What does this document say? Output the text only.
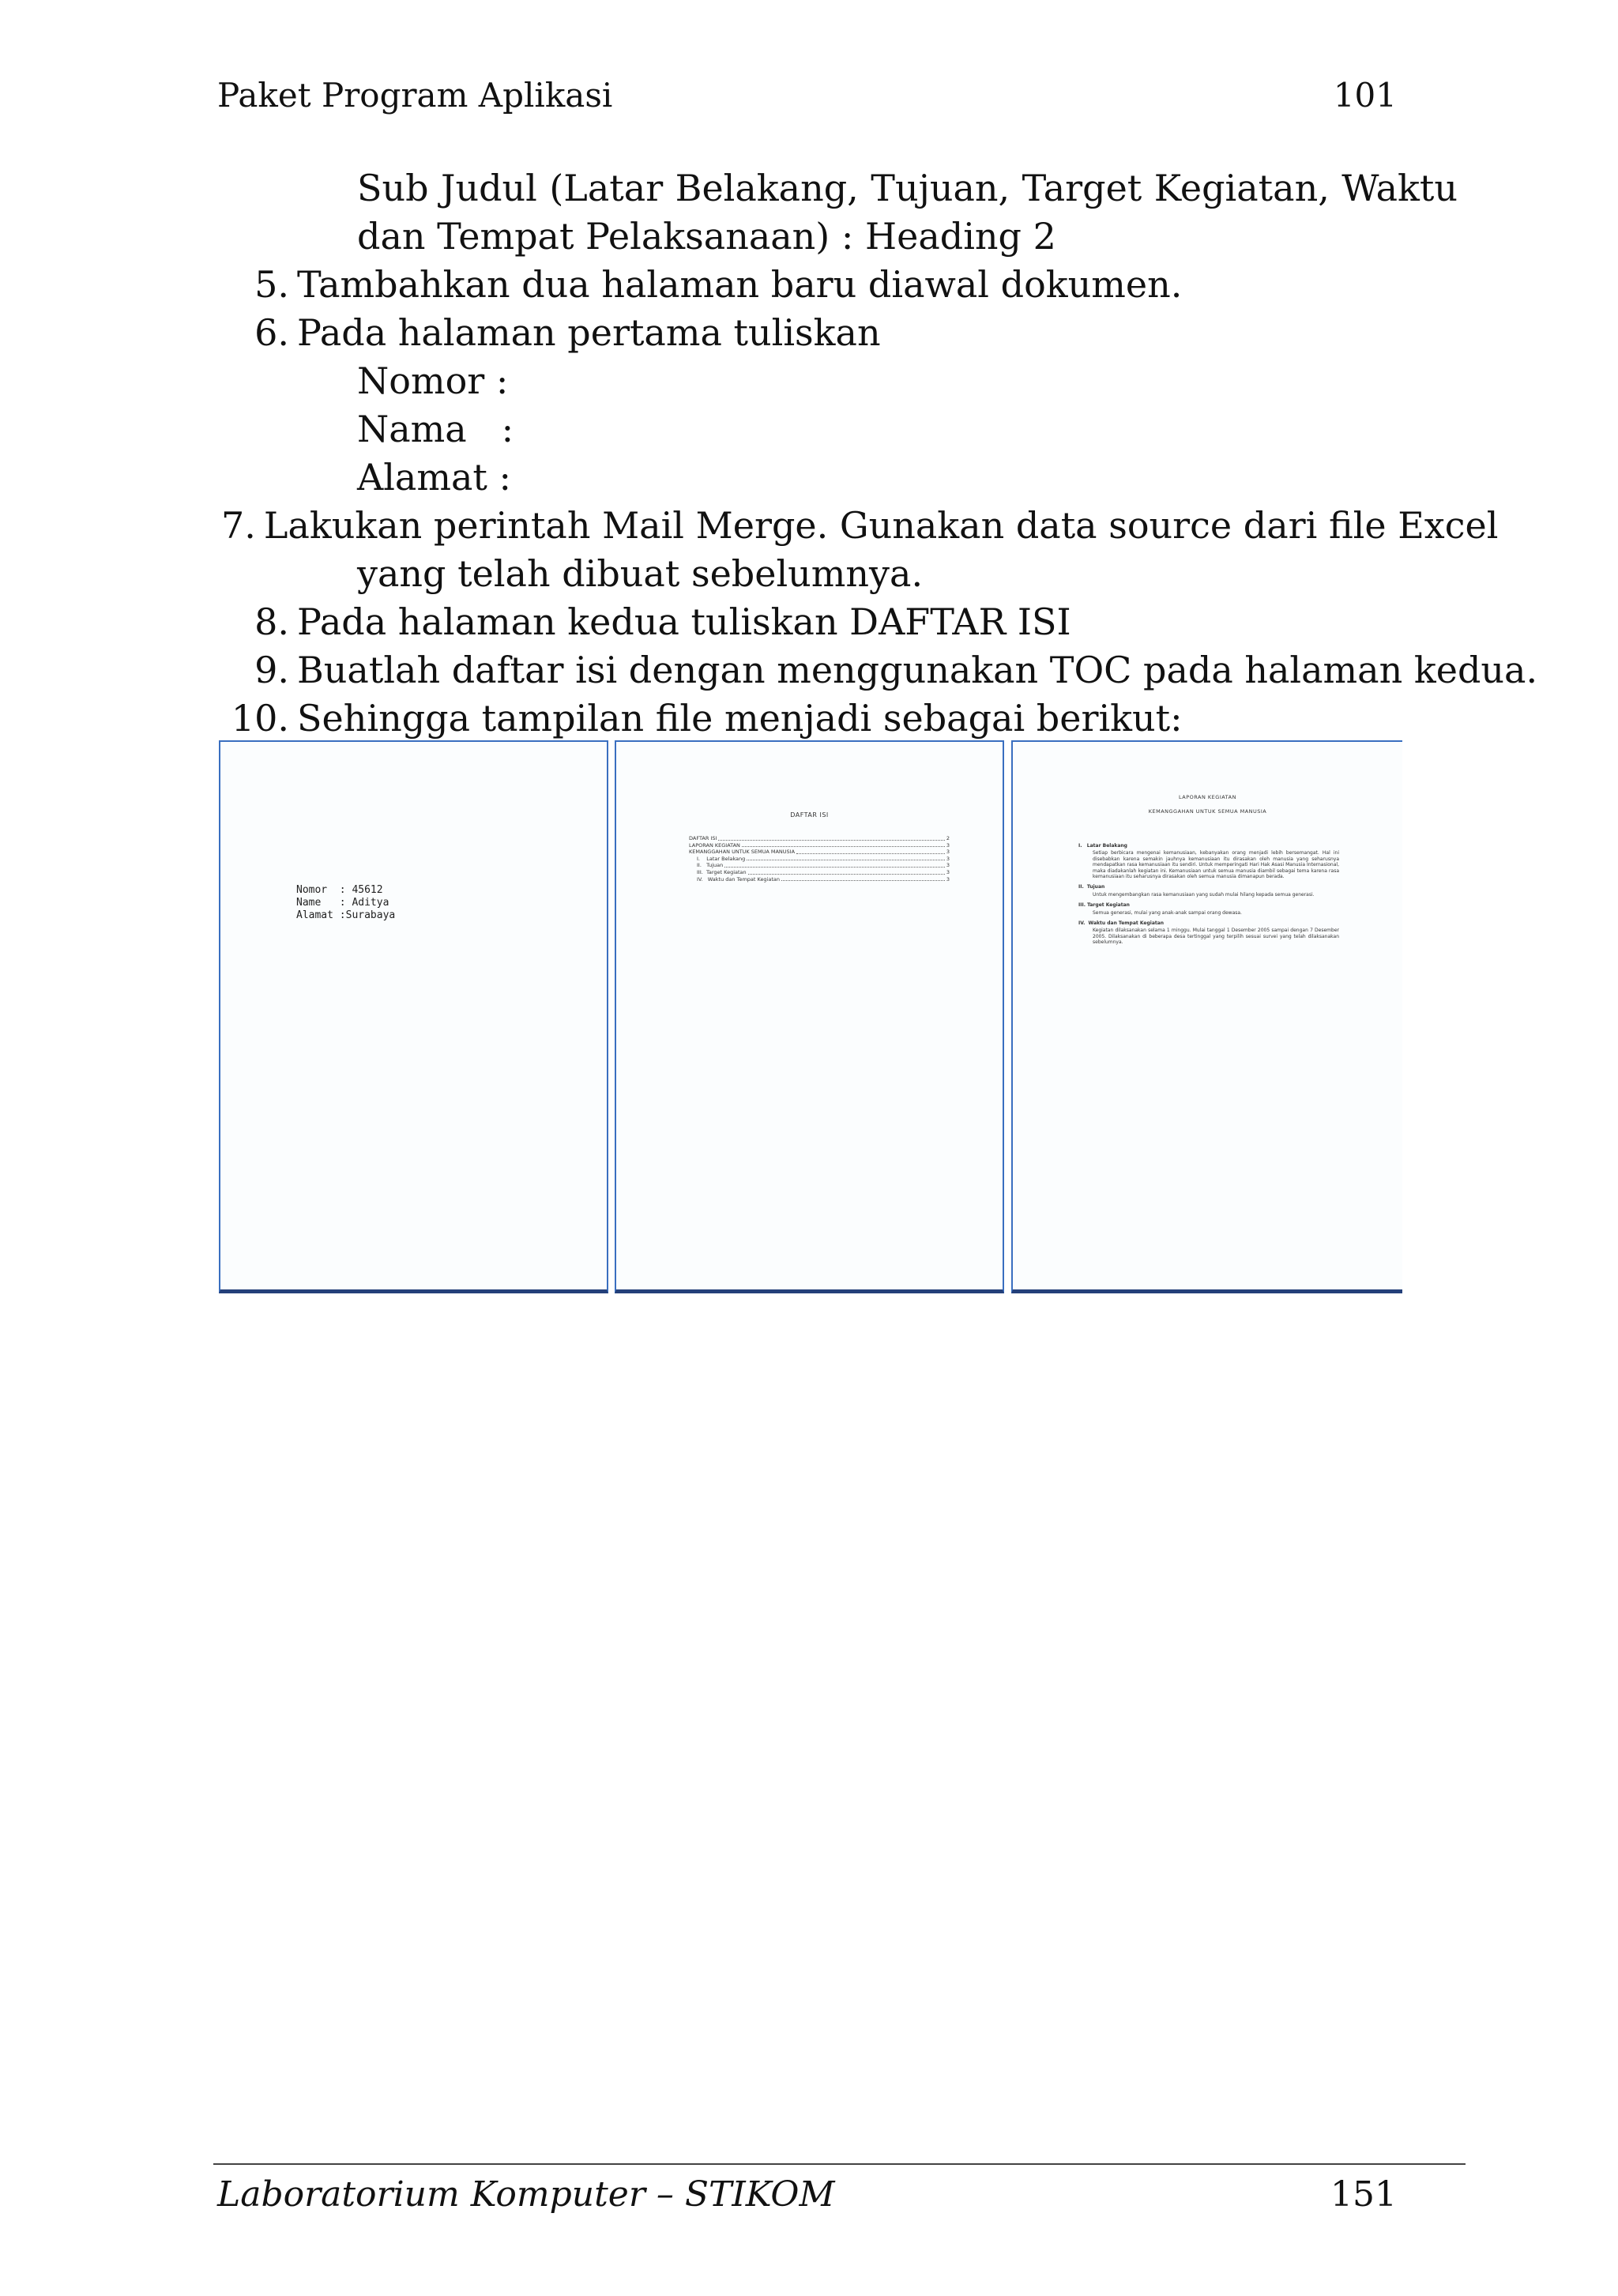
Paket Program Aplikasi	101
Sub Judul (Latar Belakang, Tujuan, Target Kegiatan, Waktu
dan Tempat Pelaksanaan) : Heading 2
5. Tambahkan dua halaman baru diawal dokumen.
6. Pada halaman pertama tuliskan
Nomor :
Nama   :
Alamat :
7. Lakukan perintah Mail Merge. Gunakan data source dari file Excel
yang telah dibuat sebelumnya.
8. Pada halaman kedua tuliskan DAFTAR ISI
9. Buatlah daftar isi dengan menggunakan TOC pada halaman kedua.
10. Sehingga tampilan file menjadi sebagai berikut:
Nomor  : 45612
Name   : Aditya
Alamat :Surabaya
DAFTAR ISI
DAFTAR ISI	2
LAPORAN KEGIATAN	3
KEMANGGAHAN UNTUK SEMUA MANUSIA	3
I.    Latar Belakang	3
II.   Tujuan	3
III.  Target Kegiatan	3
IV.   Waktu dan Tempat Kegiatan	3
LAPORAN KEGIATAN
KEMANGGAHAN UNTUK SEMUA MANUSIA
I.   Latar Belakang
Setiap berbicara mengenai kemanusiaan, kebanyakan orang menjadi lebih bersemangat. Hal ini disebabkan karena semakin jauhnya kemanusiaan itu dirasakan oleh manusia yang seharusnya mendapatkan rasa kemanusiaan itu sendiri. Untuk memperingati Hari Hak Asasi Manusia Internasional, maka diadakanlah kegiatan ini. Kemanusiaan untuk semua manusia diambil sebagai tema karena rasa kemanusiaan itu seharusnya dirasakan oleh semua manusia dimanapun berada.
II.  Tujuan
Untuk mengembangkan rasa kemanusiaan yang sudah mulai hilang kepada semua generasi.
III. Target Kegiatan
Semua generasi, mulai yang anak-anak sampai orang dewasa.
IV.  Waktu dan Tempat Kegiatan
Kegiatan dilaksanakan selama 1 minggu. Mulai tanggal 1 Desember 2005 sampai dengan 7 Desember 2005. Dilaksanakan di beberapa desa tertinggal yang terpilih sesuai survei yang telah dilaksanakan sebelumnya.
Laboratorium Komputer – STIKOM	151
